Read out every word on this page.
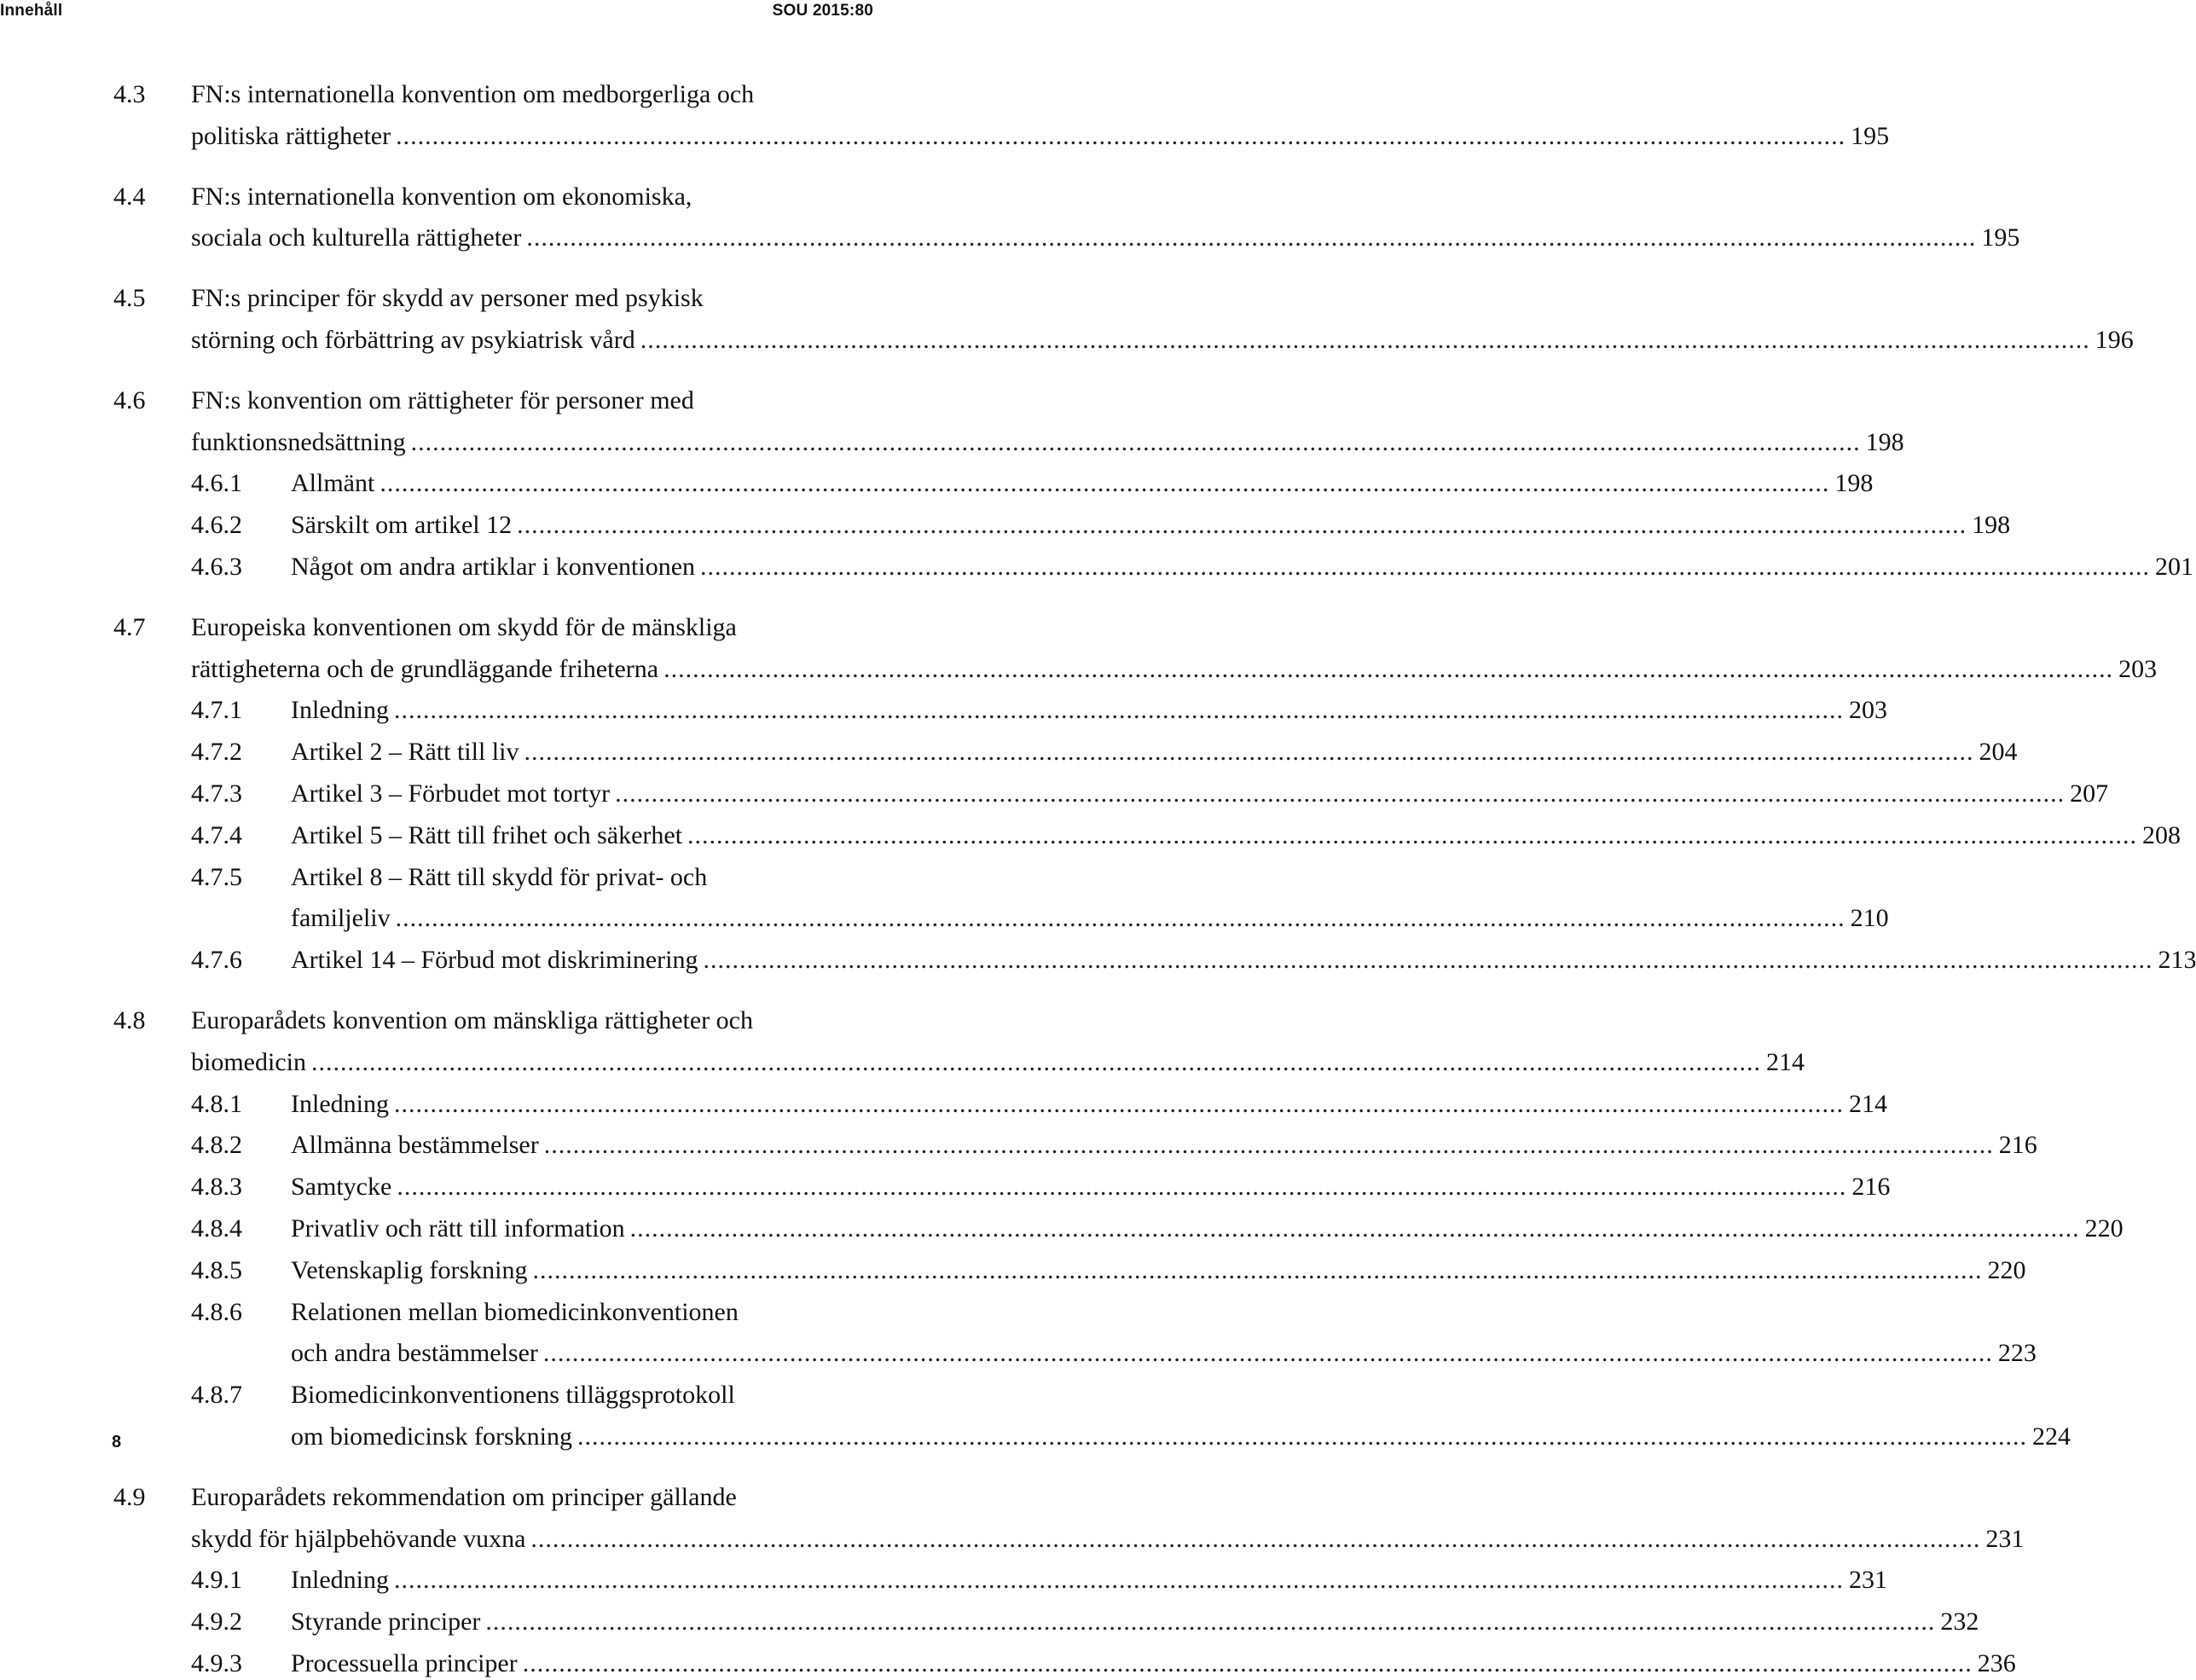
Innehåll	SOU 2015:80
4.3 FN:s internationella konvention om medborgerliga och
politiska rättigheter ........................................................................................................................................................................................................ 195
4.4 FN:s internationella konvention om ekonomiska,
sociala och kulturella rättigheter ........................................................................................................................................................................................................ 195
4.5 FN:s principer för skydd av personer med psykisk
störning och förbättring av psykiatrisk vård ........................................................................................................................................................................................................ 196
4.6 FN:s konvention om rättigheter för personer med
funktionsnedsättning ........................................................................................................................................................................................................ 198
4.6.1 Allmänt ........................................................................................................................................................................................................ 198
4.6.2 Särskilt om artikel 12 ........................................................................................................................................................................................................ 198
4.6.3 Något om andra artiklar i konventionen ........................................................................................................................................................................................................ 201
4.7 Europeiska konventionen om skydd för de mänskliga
rättigheterna och de grundläggande friheterna ........................................................................................................................................................................................................ 203
4.7.1 Inledning ........................................................................................................................................................................................................ 203
4.7.2 Artikel 2 – Rätt till liv ........................................................................................................................................................................................................ 204
4.7.3 Artikel 3 – Förbudet mot tortyr ........................................................................................................................................................................................................ 207
4.7.4 Artikel 5 – Rätt till frihet och säkerhet ........................................................................................................................................................................................................ 208
4.7.5 Artikel 8 – Rätt till skydd för privat- och
familjeliv ........................................................................................................................................................................................................ 210
4.7.6 Artikel 14 – Förbud mot diskriminering ........................................................................................................................................................................................................ 213
4.8 Europarådets konvention om mänskliga rättigheter och
biomedicin ........................................................................................................................................................................................................ 214
4.8.1 Inledning ........................................................................................................................................................................................................ 214
4.8.2 Allmänna bestämmelser ........................................................................................................................................................................................................ 216
4.8.3 Samtycke ........................................................................................................................................................................................................ 216
4.8.4 Privatliv och rätt till information ........................................................................................................................................................................................................ 220
4.8.5 Vetenskaplig forskning ........................................................................................................................................................................................................ 220
4.8.6 Relationen mellan biomedicinkonventionen
och andra bestämmelser ........................................................................................................................................................................................................ 223
4.8.7 Biomedicinkonventionens tilläggsprotokoll
om biomedicinsk forskning ........................................................................................................................................................................................................ 224
4.9 Europarådets rekommendation om principer gällande
skydd för hjälpbehövande vuxna ........................................................................................................................................................................................................ 231
4.9.1 Inledning ........................................................................................................................................................................................................ 231
4.9.2 Styrande principer ........................................................................................................................................................................................................ 232
4.9.3 Processuella principer ........................................................................................................................................................................................................ 236
8
